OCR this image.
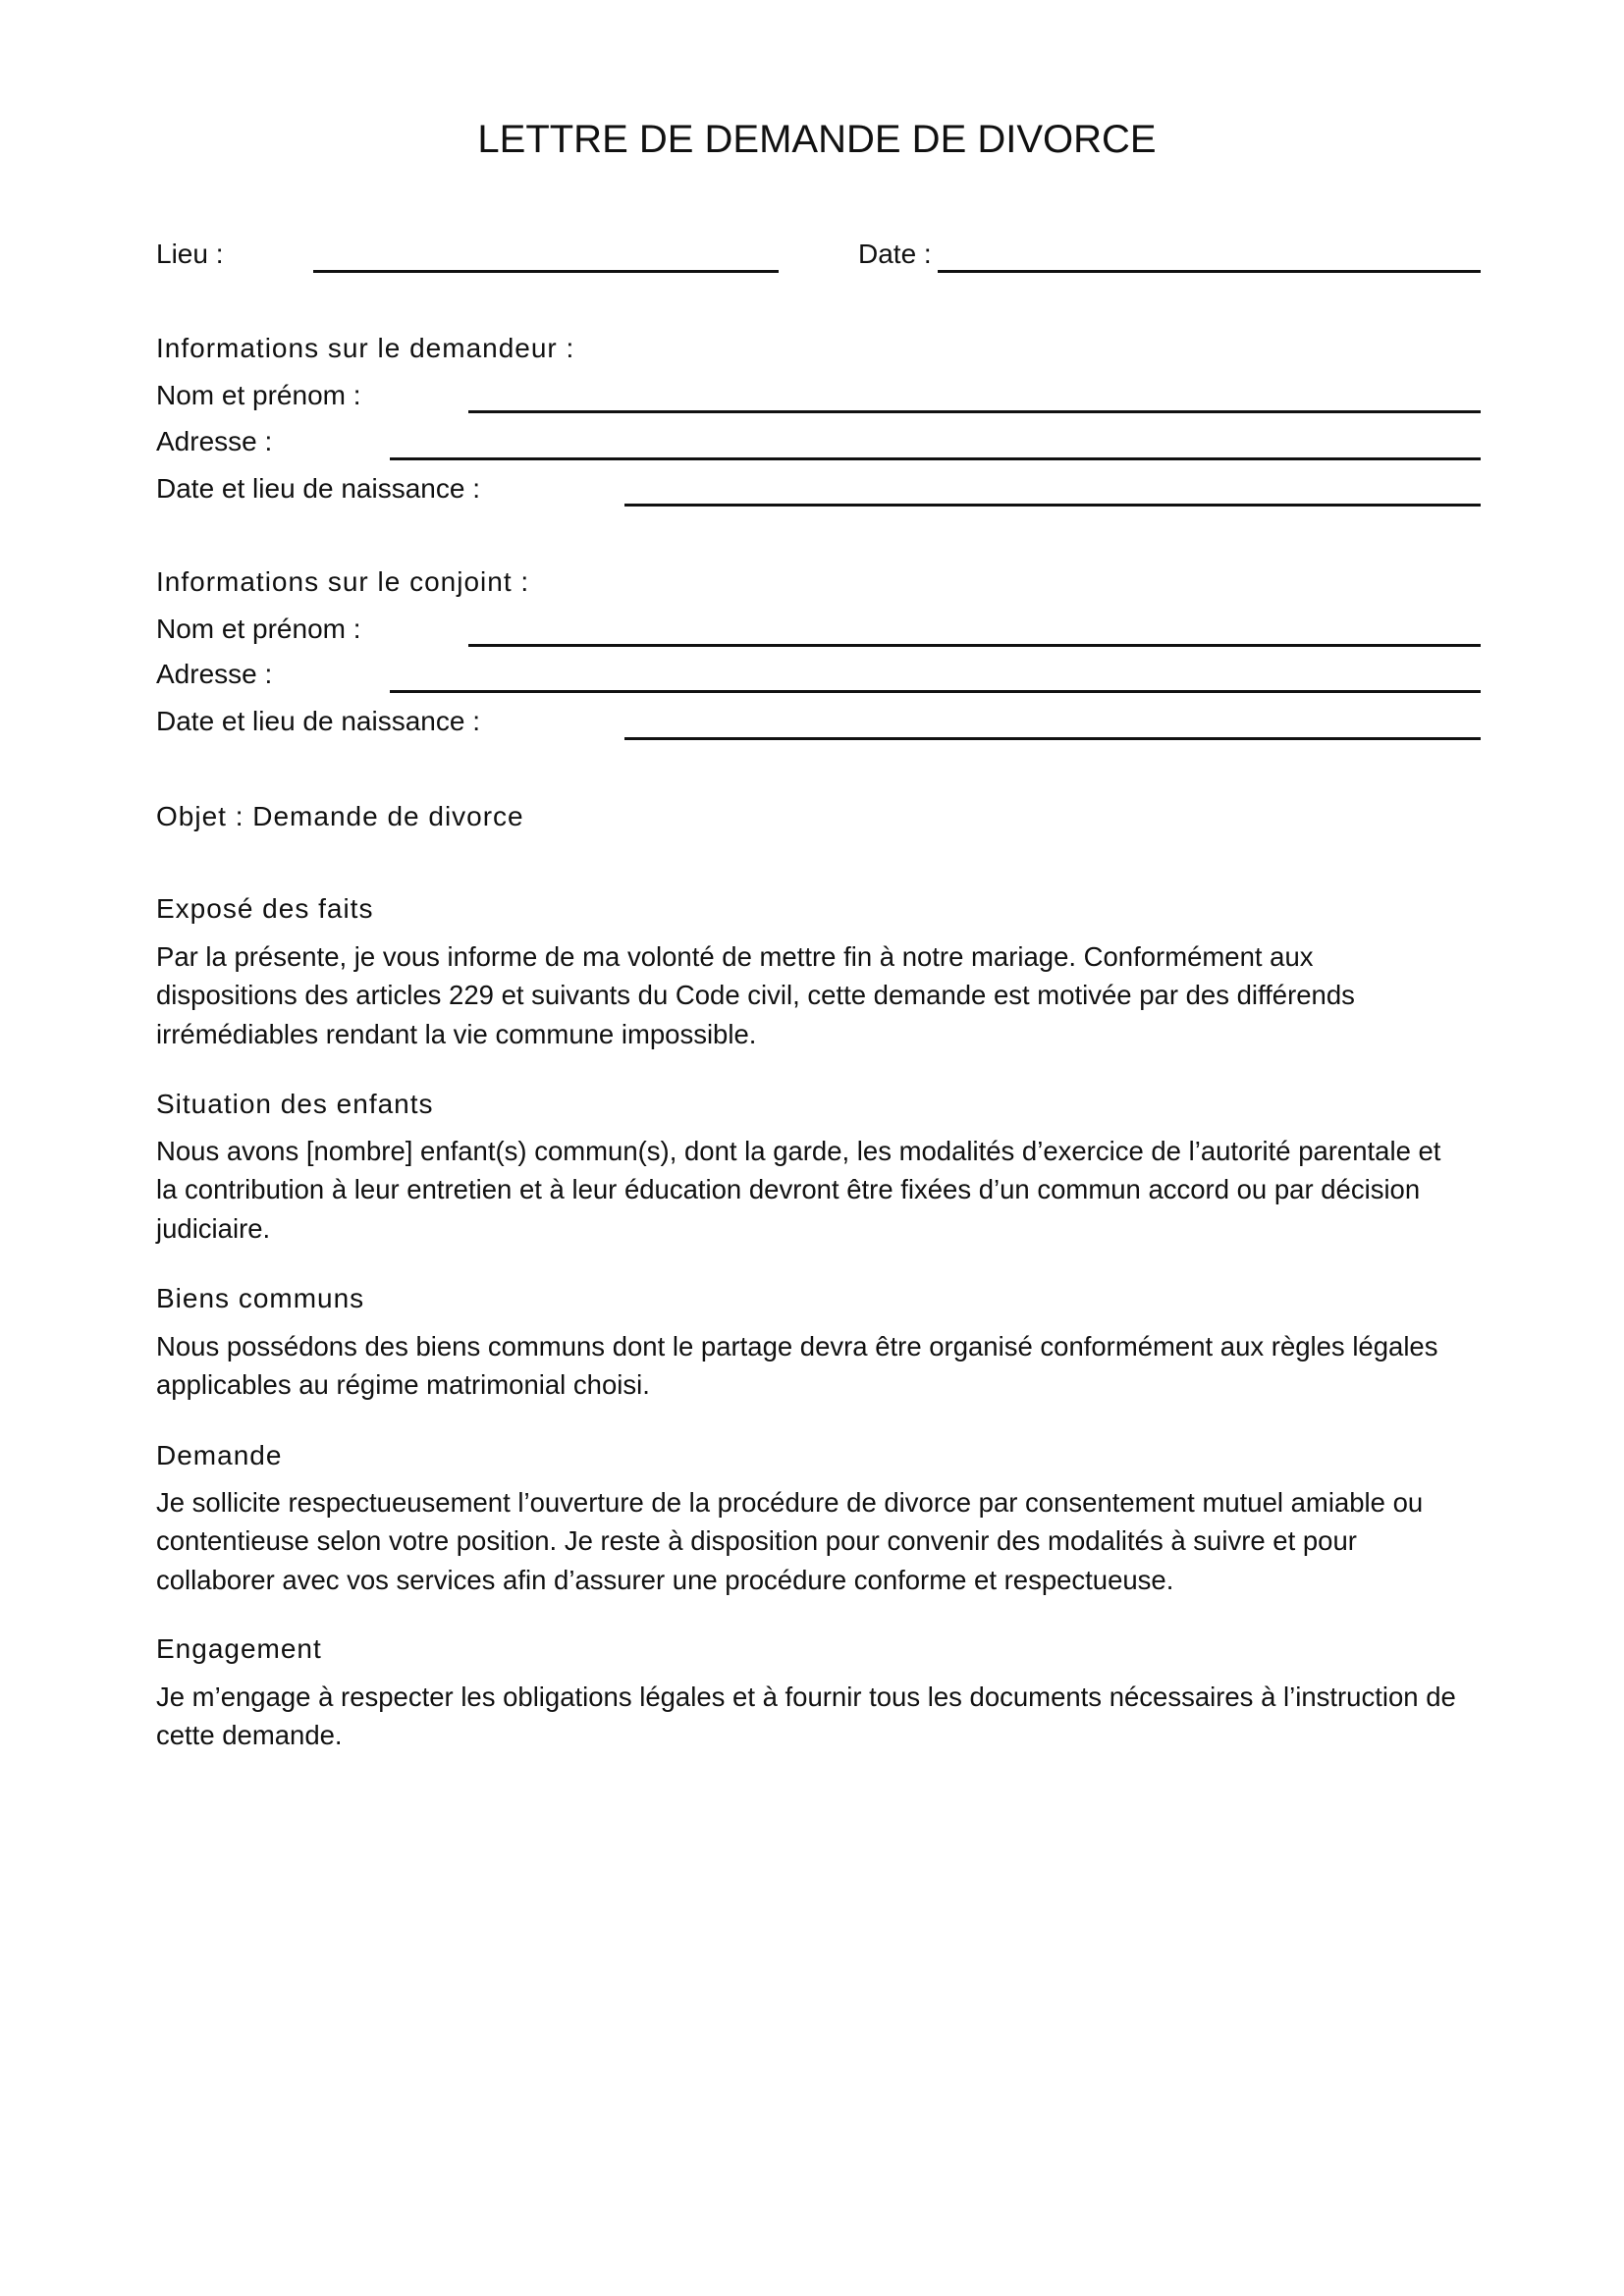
LETTRE DE DEMANDE DE DIVORCE
Lieu :	Date :
Informations sur le demandeur :
Nom et prénom :
Adresse :
Date et lieu de naissance :
Informations sur le conjoint :
Nom et prénom :
Adresse :
Date et lieu de naissance :
Objet : Demande de divorce
Exposé des faits
Par la présente, je vous informe de ma volonté de mettre fin à notre mariage. Conformément aux
dispositions des articles 229 et suivants du Code civil, cette demande est motivée par des différends
irrémédiables rendant la vie commune impossible.
Situation des enfants
Nous avons [nombre] enfant(s) commun(s), dont la garde, les modalités d’exercice de l’autorité parentale et
la contribution à leur entretien et à leur éducation devront être fixées d’un commun accord ou par décision
judiciaire.
Biens communs
Nous possédons des biens communs dont le partage devra être organisé conformément aux règles légales
applicables au régime matrimonial choisi.
Demande
Je sollicite respectueusement l’ouverture de la procédure de divorce par consentement mutuel amiable ou
contentieuse selon votre position. Je reste à disposition pour convenir des modalités à suivre et pour
collaborer avec vos services afin d’assurer une procédure conforme et respectueuse.
Engagement
Je m’engage à respecter les obligations légales et à fournir tous les documents nécessaires à l’instruction de
cette demande.
